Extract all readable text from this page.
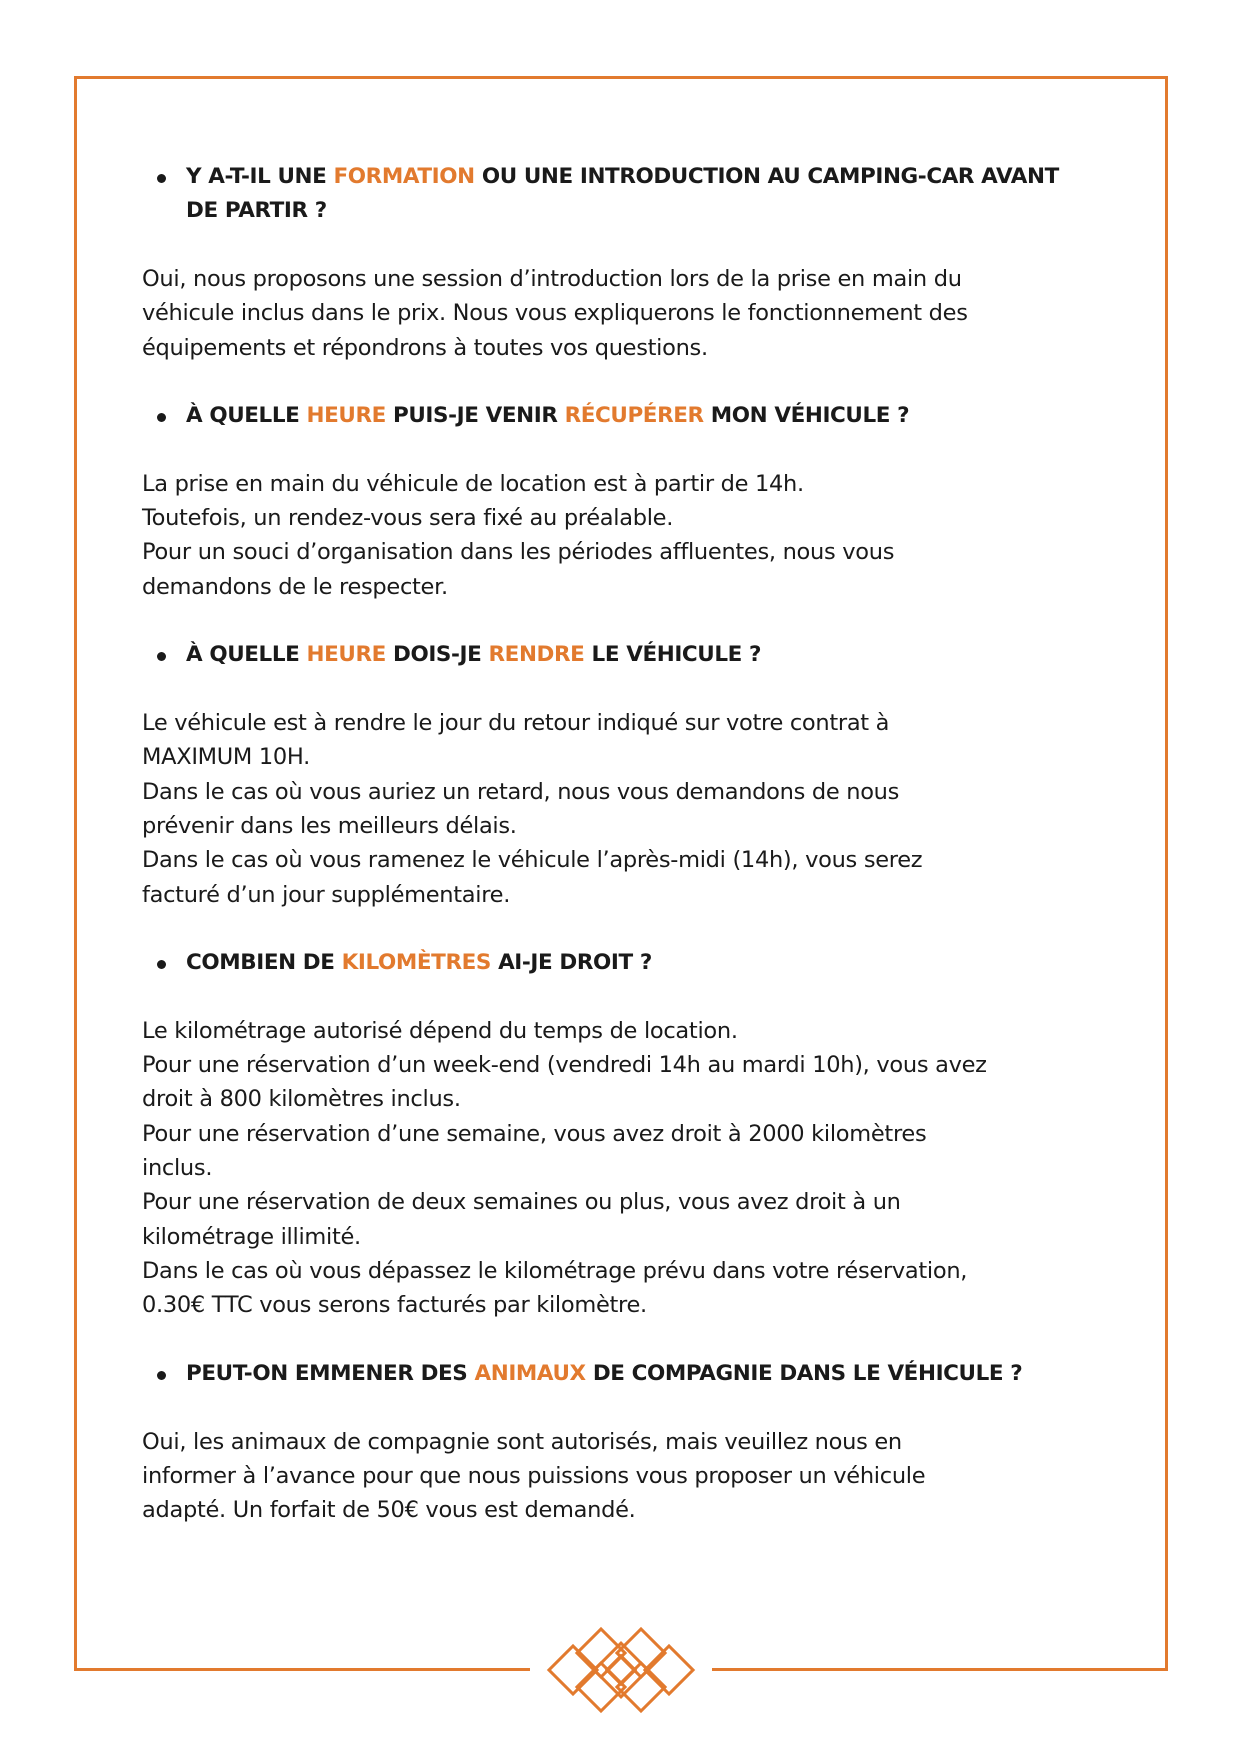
Y A-T-IL UNE FORMATION OU UNE INTRODUCTION AU CAMPING-CAR AVANT DE PARTIR ?

Oui, nous proposons une session d’introduction lors de la prise en main du
véhicule inclus dans le prix. Nous vous expliquerons le fonctionnement des
équipements et répondrons à toutes vos questions.

À QUELLE HEURE PUIS-JE VENIR RÉCUPÉRER MON VÉHICULE ?

La prise en main du véhicule de location est à partir de 14h.
Toutefois, un rendez-vous sera fixé au préalable.
Pour un souci d’organisation dans les périodes affluentes, nous vous
demandons de le respecter.

À QUELLE HEURE DOIS-JE RENDRE LE VÉHICULE ?

Le véhicule est à rendre le jour du retour indiqué sur votre contrat à
MAXIMUM 10H.
Dans le cas où vous auriez un retard, nous vous demandons de nous
prévenir dans les meilleurs délais.
Dans le cas où vous ramenez le véhicule l’après-midi (14h), vous serez
facturé d’un jour supplémentaire.

COMBIEN DE KILOMÈTRES AI-JE DROIT ?

Le kilométrage autorisé dépend du temps de location.
Pour une réservation d’un week-end (vendredi 14h au mardi 10h), vous avez
droit à 800 kilomètres inclus.
Pour une réservation d’une semaine, vous avez droit à 2000 kilomètres
inclus.
Pour une réservation de deux semaines ou plus, vous avez droit à un
kilométrage illimité.
Dans le cas où vous dépassez le kilométrage prévu dans votre réservation,
0.30€ TTC vous serons facturés par kilomètre.

PEUT-ON EMMENER DES ANIMAUX DE COMPAGNIE DANS LE VÉHICULE ?

Oui, les animaux de compagnie sont autorisés, mais veuillez nous en
informer à l’avance pour que nous puissions vous proposer un véhicule
adapté. Un forfait de 50€ vous est demandé.
